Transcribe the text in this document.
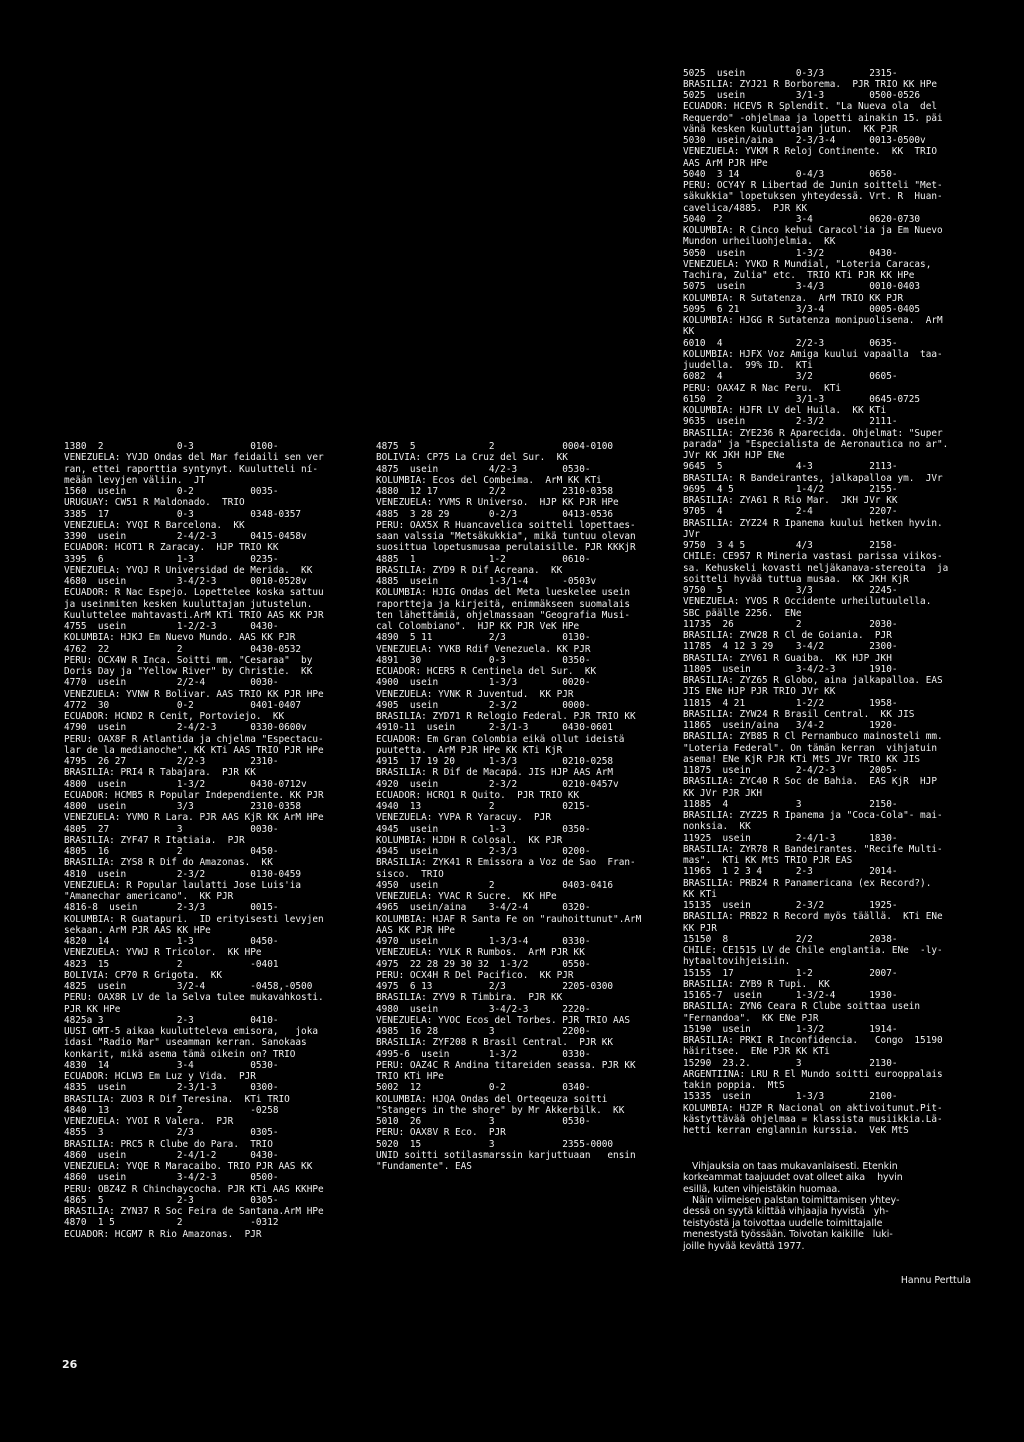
1380  2             0-3          0100-
VENEZUELA: YVJD Ondas del Mar feidaili sen ver
ran, ettei raporttia syntynyt. Kuulutteli ní-
meään levyjen väliin.  JT
1560  usein         0-2          0035-
URUGUAY: CW51 R Maldonado.  TRIO
3385  17            0-3          0348-0357
VENEZUELA: YVQI R Barcelona.  KK
3390  usein         2-4/2-3      0415-0458v
ECUADOR: HCOT1 R Zaracay.  HJP TRIO KK
3395  6             1-3          0235-
VENEZUELA: YVQJ R Universidad de Merida.  KK
4680  usein         3-4/2-3      0010-0528v
ECUADOR: R Nac Espejo. Lopettelee koska sattuu
ja useinmiten kesken kuuluttajan jutustelun.
Kuuluttelee mahtavasti.ArM KTi TRIO AAS KK PJR
4755  usein         1-2/2-3      0430-
KOLUMBIA: HJKJ Em Nuevo Mundo. AAS KK PJR
4762  22            2            0430-0532
PERU: OCX4W R Inca. Soitti mm. "Cesaraa"  by
Doris Day ja "Yellow River" by Christie.  KK
4770  usein         2/2-4        0030-
VENEZUELA: YVNW R Bolivar. AAS TRIO KK PJR HPe
4772  30            0-2          0401-0407
ECUADOR: HCND2 R Cenit, Portoviejo.  KK
4790  usein         2-4/2-3      0330-0600v
PERU: OAX8F R Atlantida ja chjelma "Espectacu-
lar de la medianoche". KK KTi AAS TRIO PJR HPe
4795  26 27         2/2-3        2310-
BRASILIA: PRI4 R Tabajara.  PJR KK
4800  usein         1-3/2        0430-0712v
ECUADOR: HCMB5 R Popular Independiente. KK PJR
4800  usein         3/3          2310-0358
VENEZUELA: YVMO R Lara. PJR AAS KjR KK ArM HPe
4805  27            3            0030-
BRASILIA: ZYF47 R Itatiaia.  PJR
4805  16            2            0450-
BRASILIA: ZYS8 R Dif do Amazonas.  KK
4810  usein         2-3/2        0130-0459
VENEZUELA: R Popular laulatti Jose Luis'ia
"Amanechar americano".  KK PJR
4816-8  usein       2-3/3        0015-
KOLUMBIA: R Guatapuri.  ID erityisesti levyjen
sekaan. ArM PJR AAS KK HPe
4820  14            1-3          0450-
VENEZUELA: YVWJ R Tricolor.  KK HPe
4823  15            2            -0401
BOLIVIA: CP70 R Grigota.  KK
4825  usein         3/2-4        -0458,-0500
PERU: OAX8R LV de la Selva tulee mukavahkosti.
PJR KK HPe
4825a 3             2-3          0410-
UUSI GMT-5 aikaa kuulutteleva emisora,   joka
idasi "Radio Mar" useamman kerran. Sanokaas
konkarit, mikä asema tämä oikein on? TRIO
4830  14            3-4          0530-
ECUADOR: HCLW3 Em Luz y Vida.  PJR
4835  usein         2-3/1-3      0300-
BRASILIA: ZUO3 R Dif Teresina.  KTi TRIO
4840  13            2            -0258
VENEZUELA: YVOI R Valera.  PJR
4855  3             2/3          0305-
BRASILIA: PRC5 R Clube do Para.  TRIO
4860  usein         2-4/1-2      0430-
VENEZUELA: YVQE R Maracaibo. TRIO PJR AAS KK
4860  usein         3-4/2-3      0500-
PERU: OBZ4Z R Chinchaycocha. PJR KTi AAS KKHPe
4865  5             2-3          0305-
BRASILIA: ZYN37 R Soc Feira de Santana.ArM HPe
4870  1 5           2            -0312
ECUADOR: HCGM7 R Rio Amazonas.  PJR
4875  5             2            0004-0100
BOLIVIA: CP75 La Cruz del Sur.  KK
4875  usein         4/2-3        0530-
KOLUMBIA: Ecos del Combeima.  ArM KK KTi
4880  12 17         2/2          2310-0358
VENEZUELA: YVMS R Universo.  HJP KK PJR HPe
4885  3 28 29       0-2/3        0413-0536
PERU: OAX5X R Huancavelica soitteli lopettaes-
saan valssia "Metsäkukkia", mikä tuntuu olevan
suosittua lopetusmusaa perulaisille. PJR KKKjR
4885  1             1-2          0610-
BRASILIA: ZYD9 R Dif Acreana.  KK
4885  usein         1-3/1-4      -0503v
KOLUMBIA: HJIG Ondas del Meta lueskelee usein
raportteja ja kirjeitä, enimmäkseen suomalais
ten lähettämiä, ohjelmassaan "Geografia Musi-
cal Colombiano".  HJP KK PJR VeK HPe
4890  5 11          2/3          0130-
VENEZUELA: YVKB Rdif Venezuela. KK PJR
4891  30            0-3          0350-
ECUADOR: HCER5 R Centinela del Sur.  KK
4900  usein         1-3/3        0020-
VENEZUELA: YVNK R Juventud.  KK PJR
4905  usein         2-3/2        0000-
BRASILIA: ZYD71 R Relogio Federal. PJR TRIO KK
4910-11  usein      2-3/1-3      0430-0601
ECUADOR: Em Gran Colombia eikä ollut ideistä
puutetta.  ArM PJR HPe KK KTi KjR
4915  17 19 20      1-3/3        0210-0258
BRASILIA: R Dif de Macapá. JIS HJP AAS ArM
4920  usein         2-3/2        0210-0457v
ECUADOR: HCRQ1 R Quito.  PJR TRIO KK
4940  13            2            0215-
VENEZUELA: YVPA R Yaracuy.  PJR
4945  usein         1-3          0350-
KOLUMBIA: HJDH R Colosal.  KK PJR
4945  usein         2-3/3        0200-
BRASILIA: ZYK41 R Emissora a Voz de Sao  Fran-
sisco.  TRIO
4950  usein         2            0403-0416
VENEZUELA: YVAC R Sucre.  KK HPe
4965  usein/aina    3-4/2-4      0320-
KOLUMBIA: HJAF R Santa Fe on "rauhoittunut".ArM
AAS KK PJR HPe
4970  usein         1-3/3-4      0330-
VENEZUELA: YVLK R Rumbos.  ArM PJR KK
4975  22 28 29 30 32  1-3/2      0550-
PERU: OCX4H R Del Pacifico.  KK PJR
4975  6 13          2/3          2205-0300
BRASILIA: ZYV9 R Timbira.  PJR KK
4980  usein         3-4/2-3      2220-
VENEZUELA: YVOC Ecos del Torbes. PJR TRIO AAS
4985  16 28         3            2200-
BRASILIA: ZYF208 R Brasil Central.  PJR KK
4995-6  usein       1-3/2        0330-
PERU: OAZ4C R Andina titareiden seassa. PJR KK
TRIO KTi HPe
5002  12            0-2          0340-
KOLUMBIA: HJQA Ondas del Orteqeuza soitti
"Stangers in the shore" by Mr Akkerbilk.  KK
5010  26            3            0530-
PERU: OAX8V R Eco.  PJR
5020  15            3            2355-0000
UNID soitti sotilasmarssin karjuttuaan   ensin
"Fundamente". EAS

5025  usein         0-3/3        2315-
BRASILIA: ZYJ21 R Borborema.  PJR TRIO KK HPe
5025  usein         3/1-3        0500-0526
ECUADOR: HCEV5 R Splendit. "La Nueva ola  del
Requerdo" -ohjelmaa ja lopetti ainakin 15. päi
vänä kesken kuuluttajan jutun.  KK PJR
5030  usein/aina    2-3/3-4      0013-0500v
VENEZUELA: YVKM R Reloj Continente.  KK  TRIO
AAS ArM PJR HPe
5040  3 14          0-4/3        0650-
PERU: OCY4Y R Libertad de Junin soitteli "Met-
säkukkia" lopetuksen yhteydessä. Vrt. R  Huan-
cavelica/4885.  PJR KK
5040  2             3-4          0620-0730
KOLUMBIA: R Cinco kehui Caracol'ia ja Em Nuevo
Mundon urheiluohjelmia.  KK
5050  usein         1-3/2        0430-
VENEZUELA: YVKD R Mundial, "Loteria Caracas,
Tachira, Zulia" etc.  TRIO KTi PJR KK HPe
5075  usein         3-4/3        0010-0403
KOLUMBIA: R Sutatenza.  ArM TRIO KK PJR
5095  6 21          3/3-4        0005-0405
KOLUMBIA: HJGG R Sutatenza monipuolisena.  ArM
KK
6010  4             2/2-3        0635-
KOLUMBIA: HJFX Voz Amiga kuului vapaalla  taa-
juudella.  99% ID.  KTi
6082  4             3/2          0605-
PERU: OAX4Z R Nac Peru.  KTi
6150  2             3/1-3        0645-0725
KOLUMBIA: HJFR LV del Huila.  KK KTi
9635  usein         2-3/2        2111-
BRASILIA: ZYE236 R Aparecida. Ohjelmat: "Super
parada" ja "Especialista de Aeronautica no ar".
JVr KK JKH HJP ENe
9645  5             4-3          2113-
BRASILIA: R Bandeirantes, jalkapalloa ym.  JVr
9695  4 5           1-4/2        2155-
BRASILIA: ZYA61 R Rio Mar.  JKH JVr KK
9705  4             2-4          2207-
BRASILIA: ZYZ24 R Ipanema kuului hetken hyvin.
JVr
9750  3 4 5         4/3          2158-
CHILE: CE957 R Mineria vastasi parissa viikos-
sa. Kehuskeli kovasti neljäkanava-stereoita  ja
soitteli hyvää tuttua musaa.  KK JKH KjR
9750  5             3/3          2245-
VENEZUELA: YVOS R Occidente urheilutuulella.
SBC päälle 2256.  ENe
11735  26           2            2030-
BRASILIA: ZYW28 R Cl de Goiania.  PJR
11785  4 12 3 29    3-4/2        2300-
BRASILIA: ZYV61 R Guaiba.  KK HJP JKH
11805  usein        3-4/2-3      1910-
BRASILIA: ZYZ65 R Globo, aina jalkapalloa. EAS
JIS ENe HJP PJR TRIO JVr KK
11815  4 21         1-2/2        1958-
BRASILIA: ZYW24 R Brasil Central.  KK JIS
11865  usein/aina   3/4-2        1920-
BRASILIA: ZYB85 R Cl Pernambuco mainosteli mm.
"Loteria Federal". On tämän kerran  vihjatuin
asema! ENe KjR PJR KTi MtS JVr TRIO KK JIS
11875  usein        2-4/2-3      2005-
BRASILIA: ZYC40 R Soc de Bahia.  EAS KjR  HJP
KK JVr PJR JKH
11885  4            3            2150-
BRASILIA: ZYZ25 R Ipanema ja "Coca-Cola"- mai-
nonksia.  KK
11925  usein        2-4/1-3      1830-
BRASILIA: ZYR78 R Bandeirantes. "Recife Multi-
mas".  KTi KK MtS TRIO PJR EAS
11965  1 2 3 4      2-3          2014-
BRASILIA: PRB24 R Panamericana (ex Record?).
KK KTi
15135  usein        2-3/2        1925-
BRASILIA: PRB22 R Record myös täällä.  KTi ENe
KK PJR
15150  8            2/2          2038-
CHILE: CE1515 LV de Chile englantia. ENe  -ly-
hytaaltovihjeisiin.
15155  17           1-2          2007-
BRASILIA: ZYB9 R Tupi.  KK
15165-7  usein      1-3/2-4      1930-
BRASILIA: ZYN6 Ceara R Clube soittaa usein
"Fernandoa".  KK ENe PJR
15190  usein        1-3/2        1914-
BRASILIA: PRKI R Inconfidencia.   Congo  15190
häiritsee.  ENe PJR KK KTi
15290  23.2.        3            2130-
ARGENTIINA: LRU R El Mundo soitti eurooppalais
takin poppia.  MtS
15335  usein        1-3/3        2100-
KOLUMBIA: HJZP R Nacional on aktivoitunut.Pit-
kästyttävää ohjelmaa = klassista musiikkia.Lä-
hetti kerran englannin kurssia.  VeK MtS

Vihjauksia on taas mukavanlaisesti. Etenkin
korkeammat taajuudet ovat olleet aika    hyvin
esillä, kuten vihjeistäkin huomaa.
Näin viimeisen palstan toimittamisen yhtey-
dessä on syytä kiittää vihjaajia hyvistä   yh-
teistyöstä ja toivottaa uudelle toimittajalle
menestystä työssään. Toivotan kaikille   luki-
joille hyvää kevättä 1977.

Hannu Perttula

26
